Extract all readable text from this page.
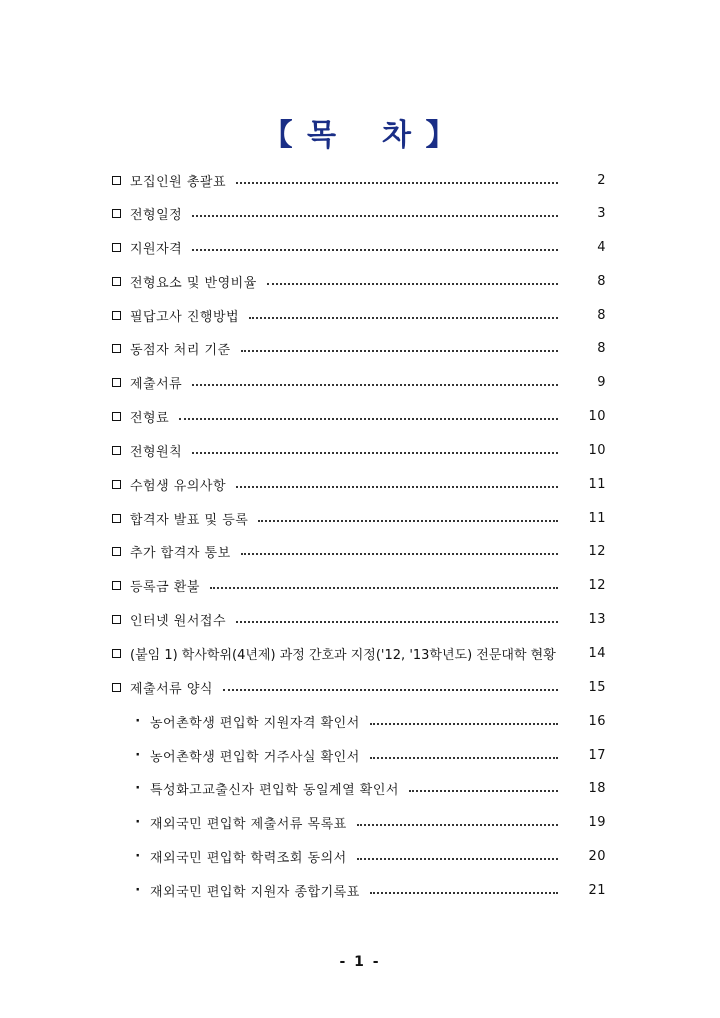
【 목 차 】
모집인원 총괄표	2
전형일정	3
지원자격	4
전형요소 및 반영비율	8
필답고사 진행방법	8
동점자 처리 기준	8
제출서류	9
전형료	10
전형원칙	10
수험생 유의사항	11
합격자 발표 및 등록	11
추가 합격자 통보	12
등록금 환불	12
인터넷 원서접수	13
(붙임 1) 학사학위(4년제) 과정 간호과 지정('12, '13학년도) 전문대학 현황	14
제출서류 양식	15
· 농어촌학생 편입학 지원자격 확인서	16
· 농어촌학생 편입학 거주사실 확인서	17
· 특성화고교출신자 편입학 동일계열 확인서	18
· 재외국민 편입학 제출서류 목록표	19
· 재외국민 편입학 학력조회 동의서	20
· 재외국민 편입학 지원자 종합기록표	21
- 1 -
